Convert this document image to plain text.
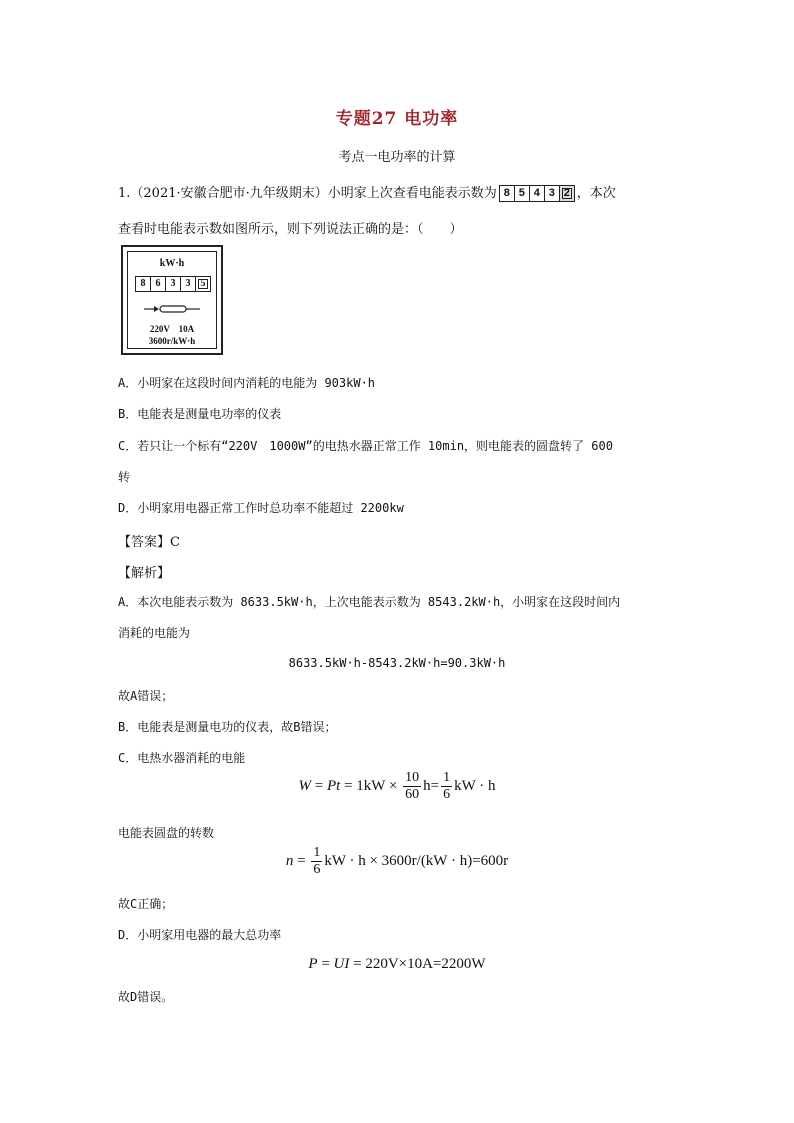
专题27 电功率
考点一电功率的计算
1.（2021·安徽合肥市·九年级期末）小明家上次查看电能表示数为 8 5 4 3 2 ，本次
查看时电能表示数如图所示，则下列说法正确的是：（　　）
kW·h
8	6	3	3	5
220V　10A
3600r/kW·h
A．小明家在这段时间内消耗的电能为 903kW·h
B．电能表是测量电功率的仪表
C．若只让一个标有“220V　1000W”的电热水器正常工作 10min，则电能表的圆盘转了 600
转
D．小明家用电器正常工作时总功率不能超过 2200kw
【答案】C
【解析】
A．本次电能表示数为 8633.5kW·h，上次电能表示数为 8543.2kW·h，小明家在这段时间内
消耗的电能为
8633.5kW·h-8543.2kW·h=90.3kW·h
故A错误；
B．电能表是测量电功的仪表，故B错误；
C．电热水器消耗的电能
$W = Pt = 1kW \times \frac{10}{60} h= \frac{1}{6}$ kW · h
电能表圆盘的转数
$n = \frac{1}{6}$ kW · h × 3600r/(kW · h)=600r
故C正确；
D．小明家用电器的最大总功率
P = UI = 220V×10A=2200W
故D错误。
